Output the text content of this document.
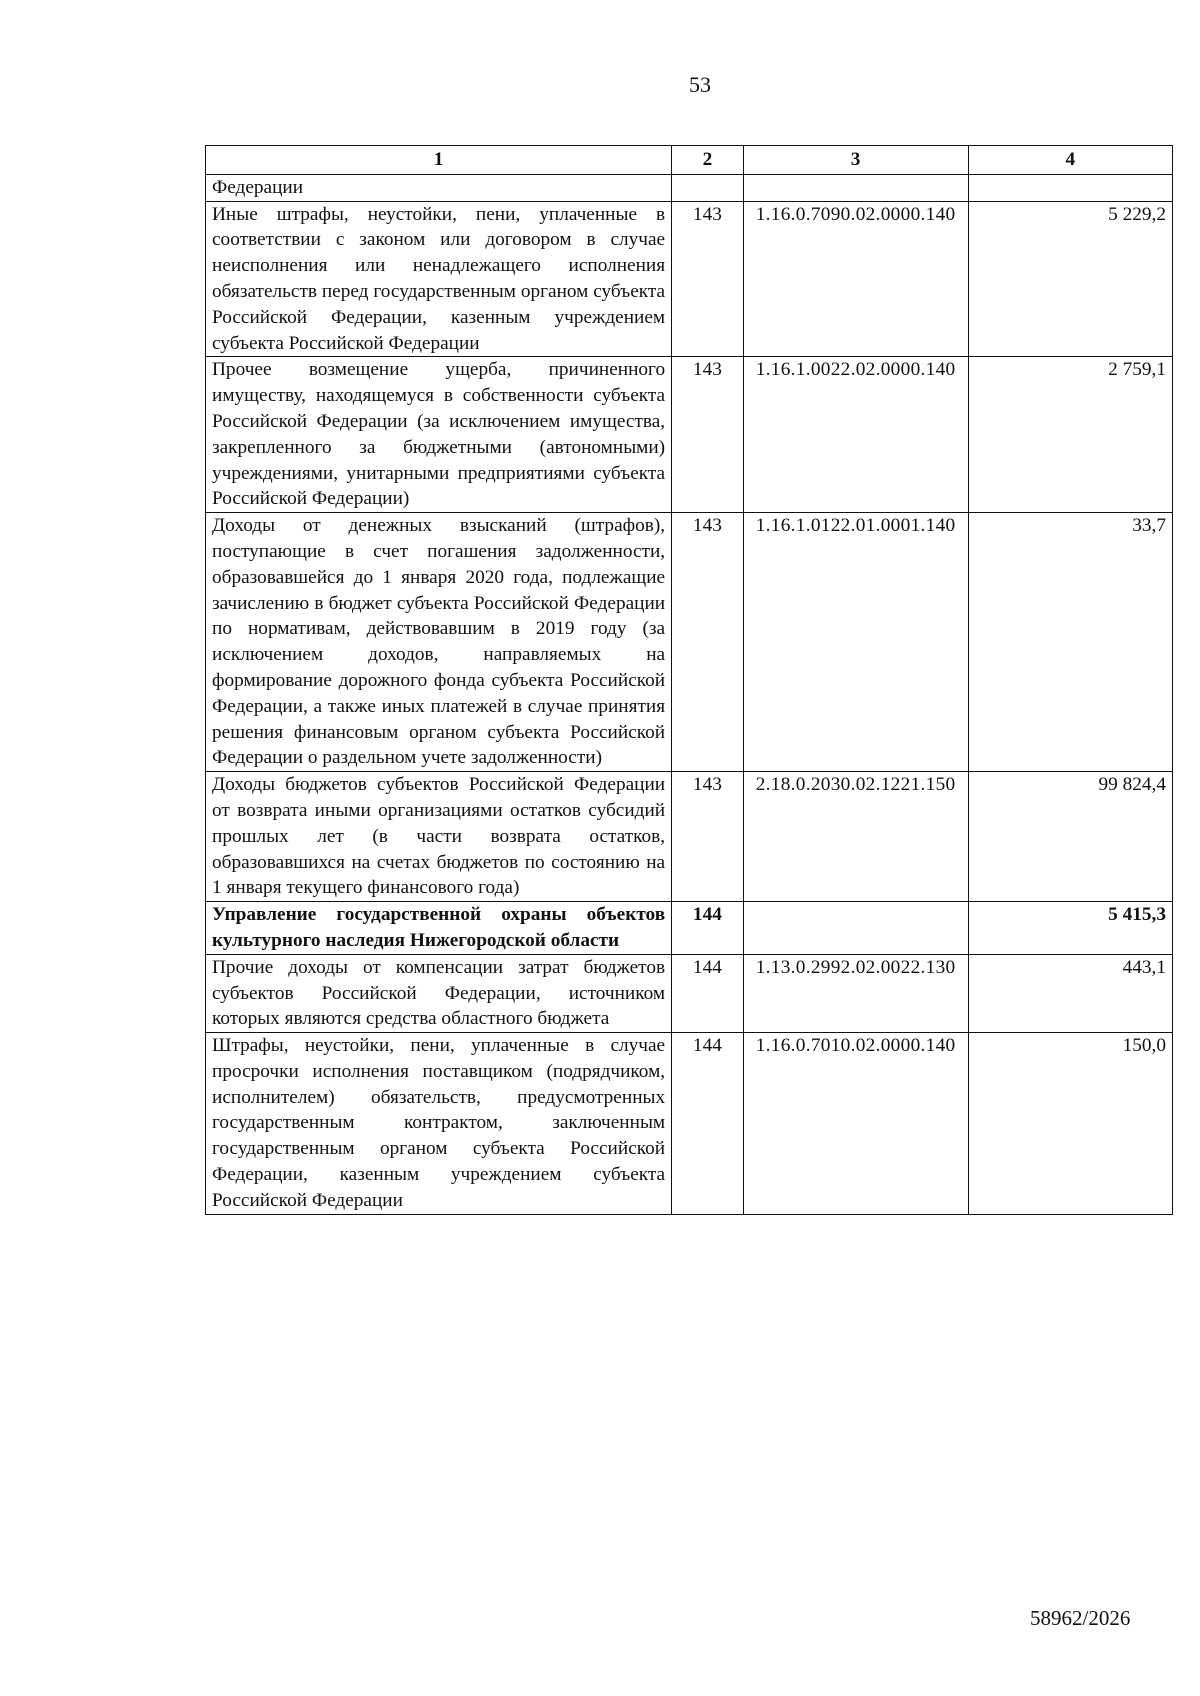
53
1	2	3	4
Федерации			
Иные штрафы, неустойки, пени, уплаченные в соответствии с законом или договором в случае неисполнения или ненадлежащего исполнения обязательств перед государственным органом субъекта Российской Федерации, казенным учреждением субъекта Российской Федерации	143	1.16.0.7090.02.0000.140	5 229,2
Прочее возмещение ущерба, причиненного имуществу, находящемуся в собственности субъекта Российской Федерации (за исключением имущества, закрепленного за бюджетными (автономными) учреждениями, унитарными предприятиями субъекта Российской Федерации)	143	1.16.1.0022.02.0000.140	2 759,1
Доходы от денежных взысканий (штрафов), поступающие в счет погашения задолженности, образовавшейся до 1 января 2020 года, подлежащие зачислению в бюджет субъекта Российской Федерации по нормативам, действовавшим в 2019 году (за исключением доходов, направляемых на формирование дорожного фонда субъекта Российской Федерации, а также иных платежей в случае принятия решения финансовым органом субъекта Российской Федерации о раздельном учете задолженности)	143	1.16.1.0122.01.0001.140	33,7
Доходы бюджетов субъектов Российской Федерации от возврата иными организациями остатков субсидий прошлых лет (в части возврата остатков, образовавшихся на счетах бюджетов по состоянию на 1 января текущего финансового года)	143	2.18.0.2030.02.1221.150	99 824,4
Управление государственной охраны объектов культурного наследия Нижегородской области	144		5 415,3
Прочие доходы от компенсации затрат бюджетов субъектов Российской Федерации, источником которых являются средства областного бюджета	144	1.13.0.2992.02.0022.130	443,1
Штрафы, неустойки, пени, уплаченные в случае просрочки исполнения поставщиком (подрядчиком, исполнителем) обязательств, предусмотренных государственным контрактом, заключенным государственным органом субъекта Российской Федерации, казенным учреждением субъекта Российской Федерации	144	1.16.0.7010.02.0000.140	150,0
58962/2026
